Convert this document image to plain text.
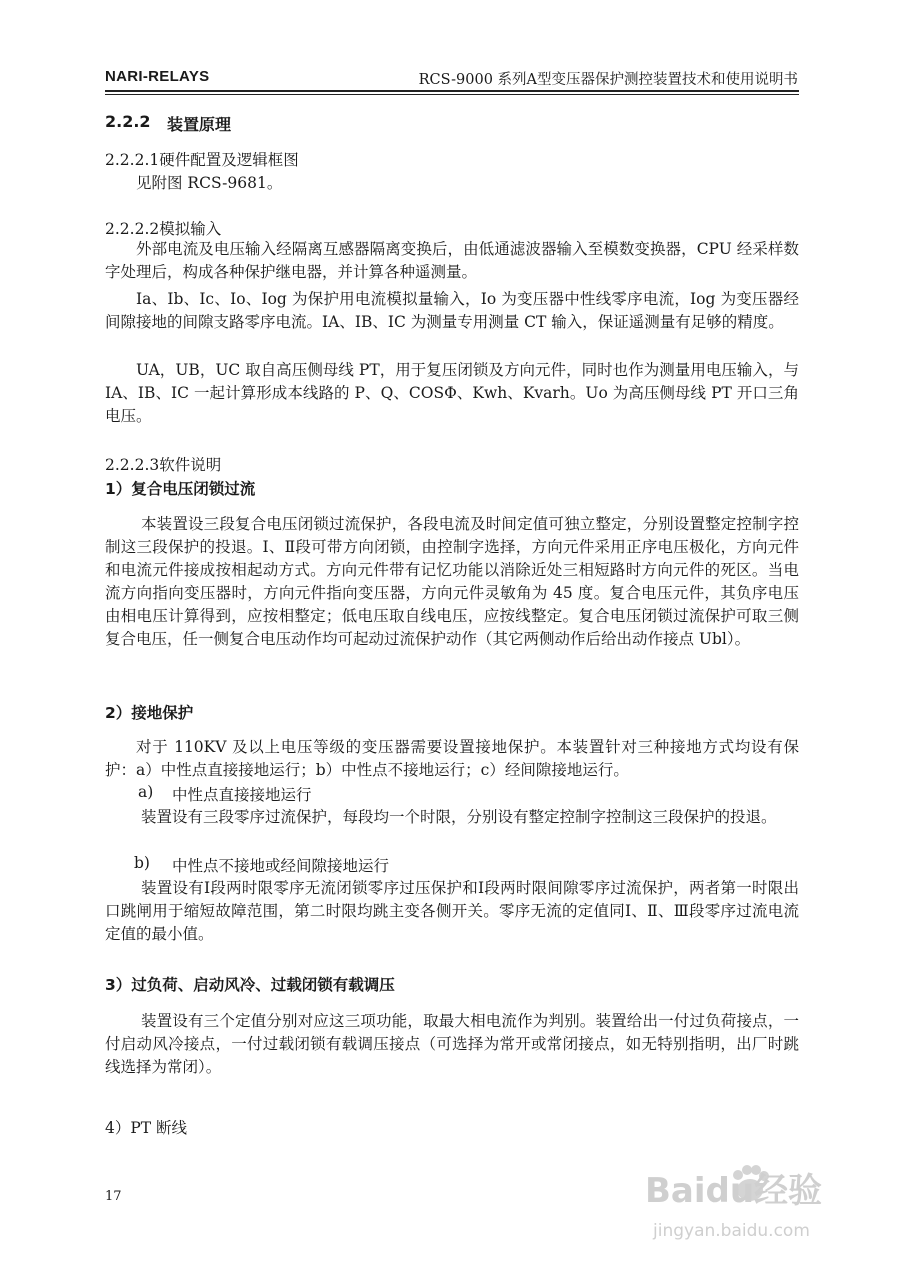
NARI-RELAYS	RCS-9000 系列A型变压器保护测控装置技术和使用说明书
2.2.2 装置原理
2.2.2.1硬件配置及逻辑框图
见附图 RCS-9681。
2.2.2.2模拟输入
外部电流及电压输入经隔离互感器隔离变换后，由低通滤波器输入至模数变换器，CPU 经采样数字处理后，构成各种保护继电器，并计算各种遥测量。
Ia、Ib、Ic、Io、Iog 为保护用电流模拟量输入，Io 为变压器中性线零序电流，Iog 为变压器经间隙接地的间隙支路零序电流。IA、IB、IC 为测量专用测量 CT 输入，保证遥测量有足够的精度。
UA，UB，UC 取自高压侧母线 PT，用于复压闭锁及方向元件，同时也作为测量用电压输入，与 IA、IB、IC 一起计算形成本线路的 P、Q、COSΦ、Kwh、Kvarh。Uo 为高压侧母线 PT 开口三角电压。
2.2.2.3软件说明
1）复合电压闭锁过流
本装置设三段复合电压闭锁过流保护，各段电流及时间定值可独立整定，分别设置整定控制字控制这三段保护的投退。Ⅰ、Ⅱ段可带方向闭锁，由控制字选择，方向元件采用正序电压极化，方向元件和电流元件接成按相起动方式。方向元件带有记忆功能以消除近处三相短路时方向元件的死区。当电流方向指向变压器时，方向元件指向变压器，方向元件灵敏角为 45 度。复合电压元件，其负序电压由相电压计算得到，应按相整定；低电压取自线电压，应按线整定。复合电压闭锁过流保护可取三侧复合电压，任一侧复合电压动作均可起动过流保护动作（其它两侧动作后给出动作接点 Ubl）。
2）接地保护
对于 110KV 及以上电压等级的变压器需要设置接地保护。本装置针对三种接地方式均设有保护：a）中性点直接接地运行；b）中性点不接地运行；c）经间隙接地运行。
a) 中性点直接接地运行
装置设有三段零序过流保护，每段均一个时限，分别设有整定控制字控制这三段保护的投退。
b) 中性点不接地或经间隙接地运行
装置设有Ⅰ段两时限零序无流闭锁零序过压保护和Ⅰ段两时限间隙零序过流保护，两者第一时限出口跳闸用于缩短故障范围，第二时限均跳主变各侧开关。零序无流的定值同Ⅰ、Ⅱ、Ⅲ段零序过流电流定值的最小值。
3）过负荷、启动风冷、过载闭锁有载调压
装置设有三个定值分别对应这三项功能，取最大相电流作为判别。装置给出一付过负荷接点，一付启动风冷接点，一付过载闭锁有载调压接点（可选择为常开或常闭接点，如无特别指明，出厂时跳线选择为常闭）。
4）PT 断线
17	Baidu经验
jingyan.baidu.com
